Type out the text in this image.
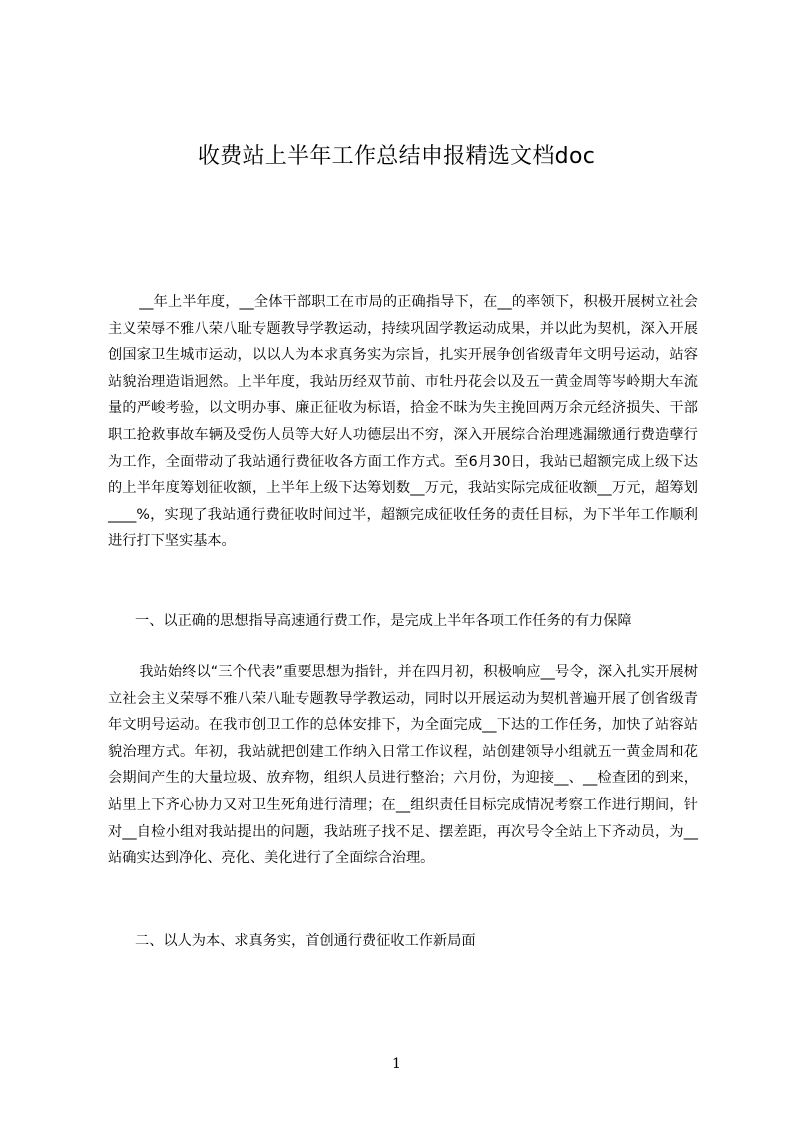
收费站上半年工作总结申报精选文档doc

__年上半年度，__全体干部职工在市局的正确指导下，在__的率领下，积极开展树立社会主义荣辱不雅八荣八耻专题教导学教运动，持续巩固学教运动成果，并以此为契机，深入开展创国家卫生城市运动，以以人为本求真务实为宗旨，扎实开展争创省级青年文明号运动，站容站貌治理造诣迥然。上半年度，我站历经双节前、市牡丹花会以及五一黄金周等岑岭期大车流量的严峻考验，以文明办事、廉正征收为标语，拾金不昧为失主挽回两万余元经济损失、干部职工抢救事故车辆及受伤人员等大好人功德层出不穷，深入开展综合治理逃漏缴通行费造孽行为工作，全面带动了我站通行费征收各方面工作方式。至6月30日，我站已超额完成上级下达的上半年度筹划征收额，上半年上级下达筹划数__万元，我站实际完成征收额__万元，超筹划____%，实现了我站通行费征收时间过半，超额完成征收任务的责任目标，为下半年工作顺利进行打下坚实基本。

一、以正确的思想指导高速通行费工作，是完成上半年各项工作任务的有力保障

我站始终以“三个代表”重要思想为指针，并在四月初，积极响应__号令，深入扎实开展树立社会主义荣辱不雅八荣八耻专题教导学教运动，同时以开展运动为契机普遍开展了创省级青年文明号运动。在我市创卫工作的总体安排下，为全面完成__下达的工作任务，加快了站容站貌治理方式。年初，我站就把创建工作纳入日常工作议程，站创建领导小组就五一黄金周和花会期间产生的大量垃圾、放弃物，组织人员进行整治；六月份，为迎接__、__检查团的到来，站里上下齐心协力又对卫生死角进行清理；在__组织责任目标完成情况考察工作进行期间，针对__自检小组对我站提出的问题，我站班子找不足、摆差距，再次号令全站上下齐动员，为__站确实达到净化、亮化、美化进行了全面综合治理。

二、以人为本、求真务实，首创通行费征收工作新局面

1
